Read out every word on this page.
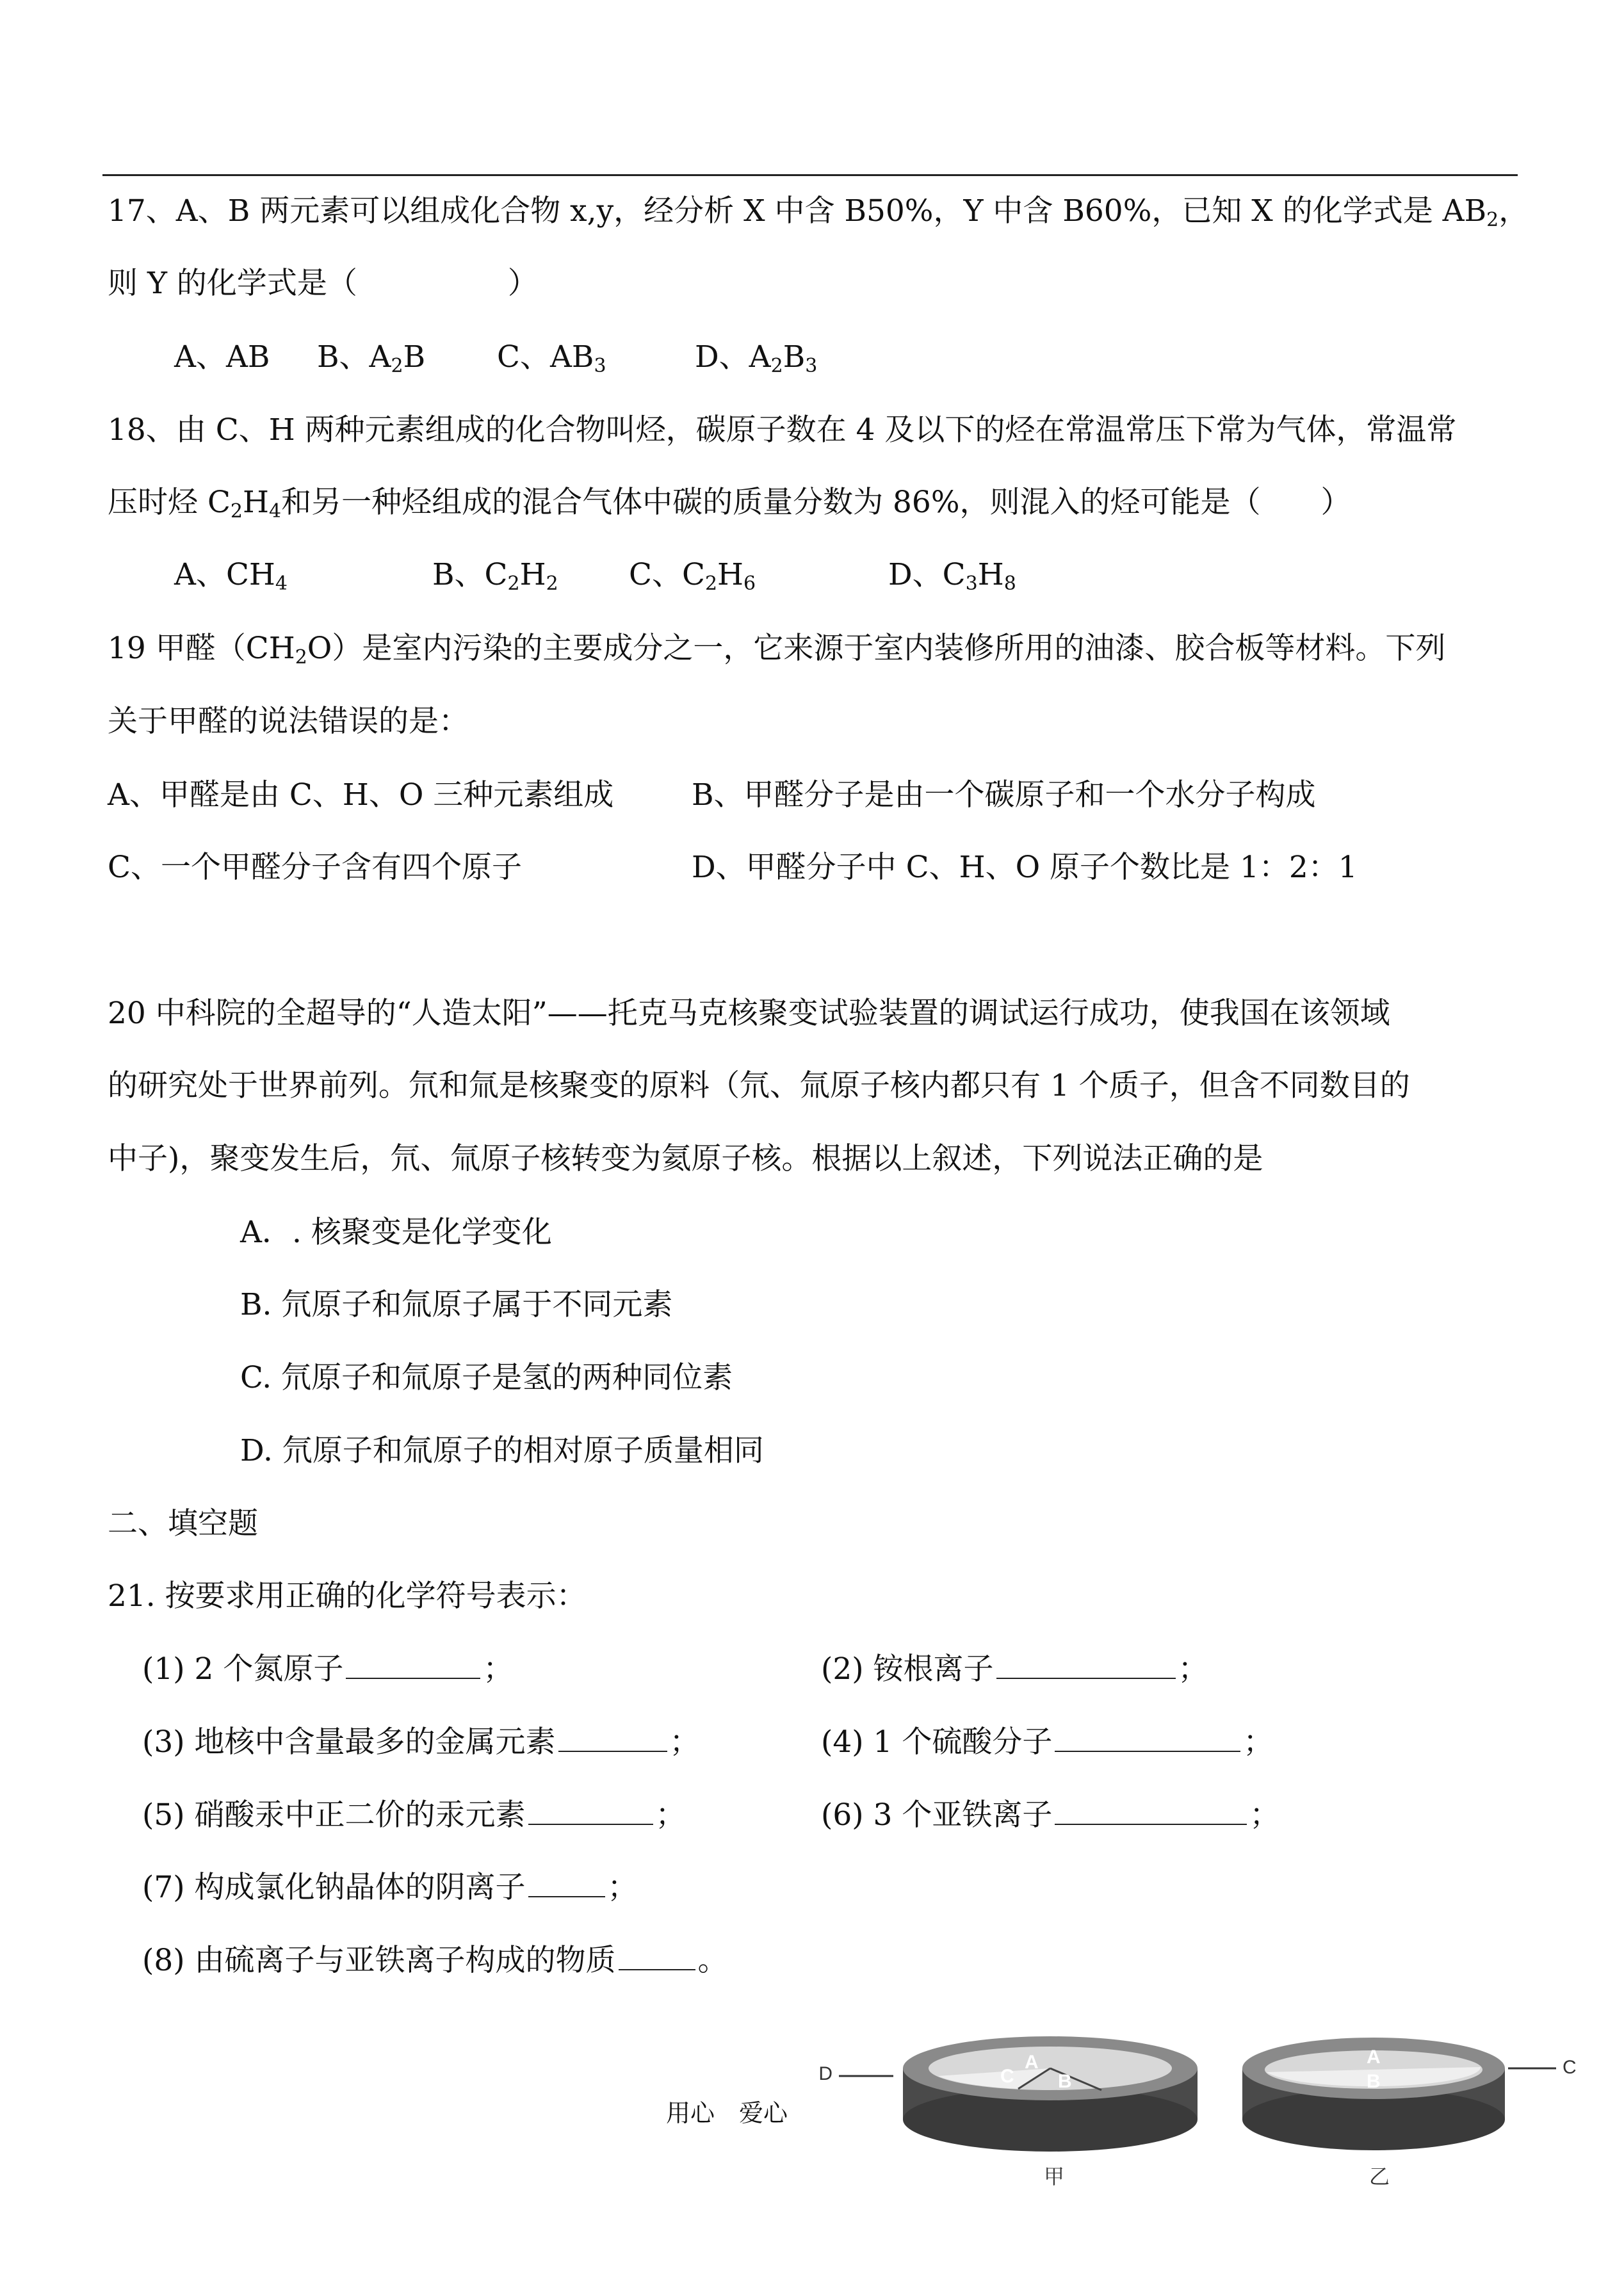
17、A、B 两元素可以组成化合物 x,y，经分析 X 中含 B50%，Y 中含 B60%，已知 X 的化学式是 $AB_2$，
则 Y 的化学式是（　　　　　）
A、AB B、$A_2B$ C、$AB_3$	D、$A_2B_3$
18、由 C、H 两种元素组成的化合物叫烃，碳原子数在 4 及以下的烃在常温常压下常为气体，常温常
压时烃 $C_2H_4$和另一种烃组成的混合气体中碳的质量分数为 86%，则混入的烃可能是（　　）
A、$CH_4$	B、$C_2H_2$ C、$C_2H_6$	D、$C_3H_8$
19 甲醛$(CH_2O)$是室内污染的主要成分之一，它来源于室内装修所用的油漆、胶合板等材料。下列
关于甲醛的说法错误的是：
A、甲醛是由 C、H、O 三种元素组成	B、甲醛分子是由一个碳原子和一个水分子构成
C、一个甲醛分子含有四个原子	D、甲醛分子中 C、H、O 原子个数比是 1：2：1
20 中科院的全超导的“人造太阳”——托克马克核聚变试验装置的调试运行成功，使我国在该领域
的研究处于世界前列。氘和氚是核聚变的原料（氘、氚原子核内都只有 1 个质子，但含不同数目的
中子)，聚变发生后，氘、氚原子核转变为氦原子核。根据以上叙述，下列说法正确的是
A．. 核聚变是化学变化
B. 氘原子和氚原子属于不同元素
C. 氘原子和氚原子是氢的两种同位素
D. 氘原子和氚原子的相对原子质量相同
二、填空题
21. 按要求用正确的化学符号表示：
(1) 2 个氮原子	；	(2) 铵根离子	；
(3) 地核中含量最多的金属元素	；	(4) 1 个硫酸分子	；
(5) 硝酸汞中正二价的汞元素	；	(6) 3 个亚铁离子	；
(7) 构成氯化钠晶体的阴离子	；
(8) 由硫离子与亚铁离子构成的物质	。
D
A
C B
甲
C
A
B
乙
用心　爱心
